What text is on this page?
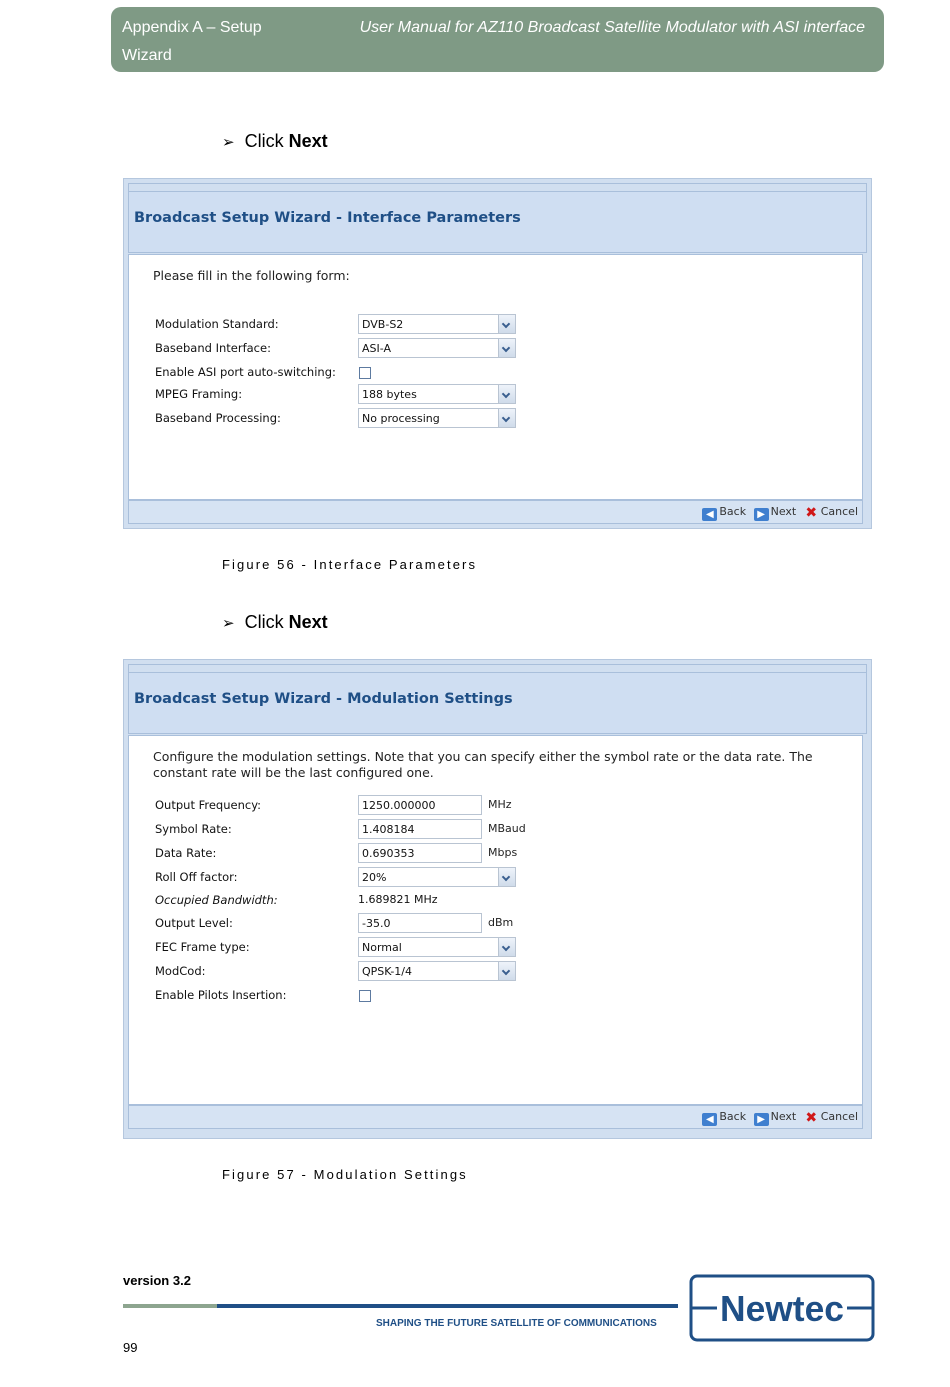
Appendix A – Setup Wizard
User Manual for AZ110 Broadcast Satellite Modulator with ASI interface
➢ Click Next
Broadcast Setup Wizard - Interface Parameters
Please fill in the following form:
Modulation Standard:	DVB-S2
Baseband Interface:	ASI-A
Enable ASI port auto-switching:
MPEG Framing:	188 bytes
Baseband Processing:	No processing
◀ Back ▶ Next ✖ Cancel
Figure 56 - Interface Parameters
➢ Click Next
Broadcast Setup Wizard - Modulation Settings
Configure the modulation settings. Note that you can specify either the symbol rate or the data rate. The constant rate will be the last configured one.
Output Frequency:	1250.000000	MHz
Symbol Rate:	1.408184	MBaud
Data Rate:	0.690353	Mbps
Roll Off factor:	20%
Occupied Bandwidth:	1.689821 MHz
Output Level:	-35.0	dBm
FEC Frame type:	Normal
ModCod:	QPSK-1/4
Enable Pilots Insertion:
◀ Back ▶ Next ✖ Cancel
Figure 57 - Modulation Settings
version 3.2
SHAPING THE FUTURE SATELLITE OF COMMUNICATIONS
99
Newtec
